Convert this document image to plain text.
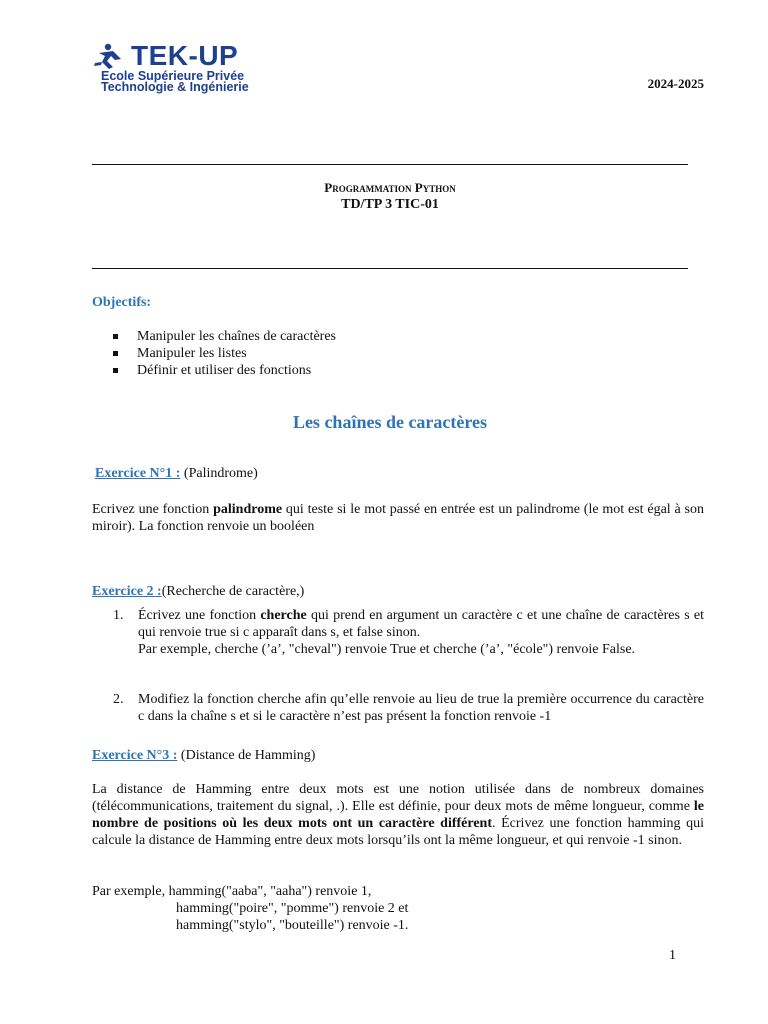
TEK-UP
Ecole Supérieure Privée
Technologie & Ingénierie	2024-2025
Programmation Python
TD/TP 3 TIC-01
Objectifs:
Manipuler les chaînes de caractères
Manipuler les listes
Définir et utiliser des fonctions
Les chaînes de caractères
Exercice N°1 : (Palindrome)
Ecrivez une fonction palindrome qui teste si le mot passé en entrée est un palindrome (le mot est égal à son miroir). La fonction renvoie un booléen
Exercice 2 :(Recherche de caractère,)
1. Écrivez une fonction cherche qui prend en argument un caractère c et une chaîne de caractères s et qui renvoie true si c apparaît dans s, et false sinon.
Par exemple, cherche (’a’, "cheval") renvoie True et cherche (’a’, "école") renvoie False.
2. Modifiez la fonction cherche afin qu’elle renvoie au lieu de true la première occurrence du caractère c dans la chaîne s et si le caractère n’est pas présent la fonction renvoie -1
Exercice N°3 : (Distance de Hamming)
La distance de Hamming entre deux mots est une notion utilisée dans de nombreux domaines (télécommunications, traitement du signal, .). Elle est définie, pour deux mots de même longueur, comme le nombre de positions où les deux mots ont un caractère différent. Écrivez une fonction hamming qui calcule la distance de Hamming entre deux mots lorsqu’ils ont la même longueur, et qui renvoie -1 sinon.
Par exemple, hamming("aaba", "aaha") renvoie 1,
hamming("poire", "pomme") renvoie 2 et
hamming("stylo", "bouteille") renvoie -1.
1
